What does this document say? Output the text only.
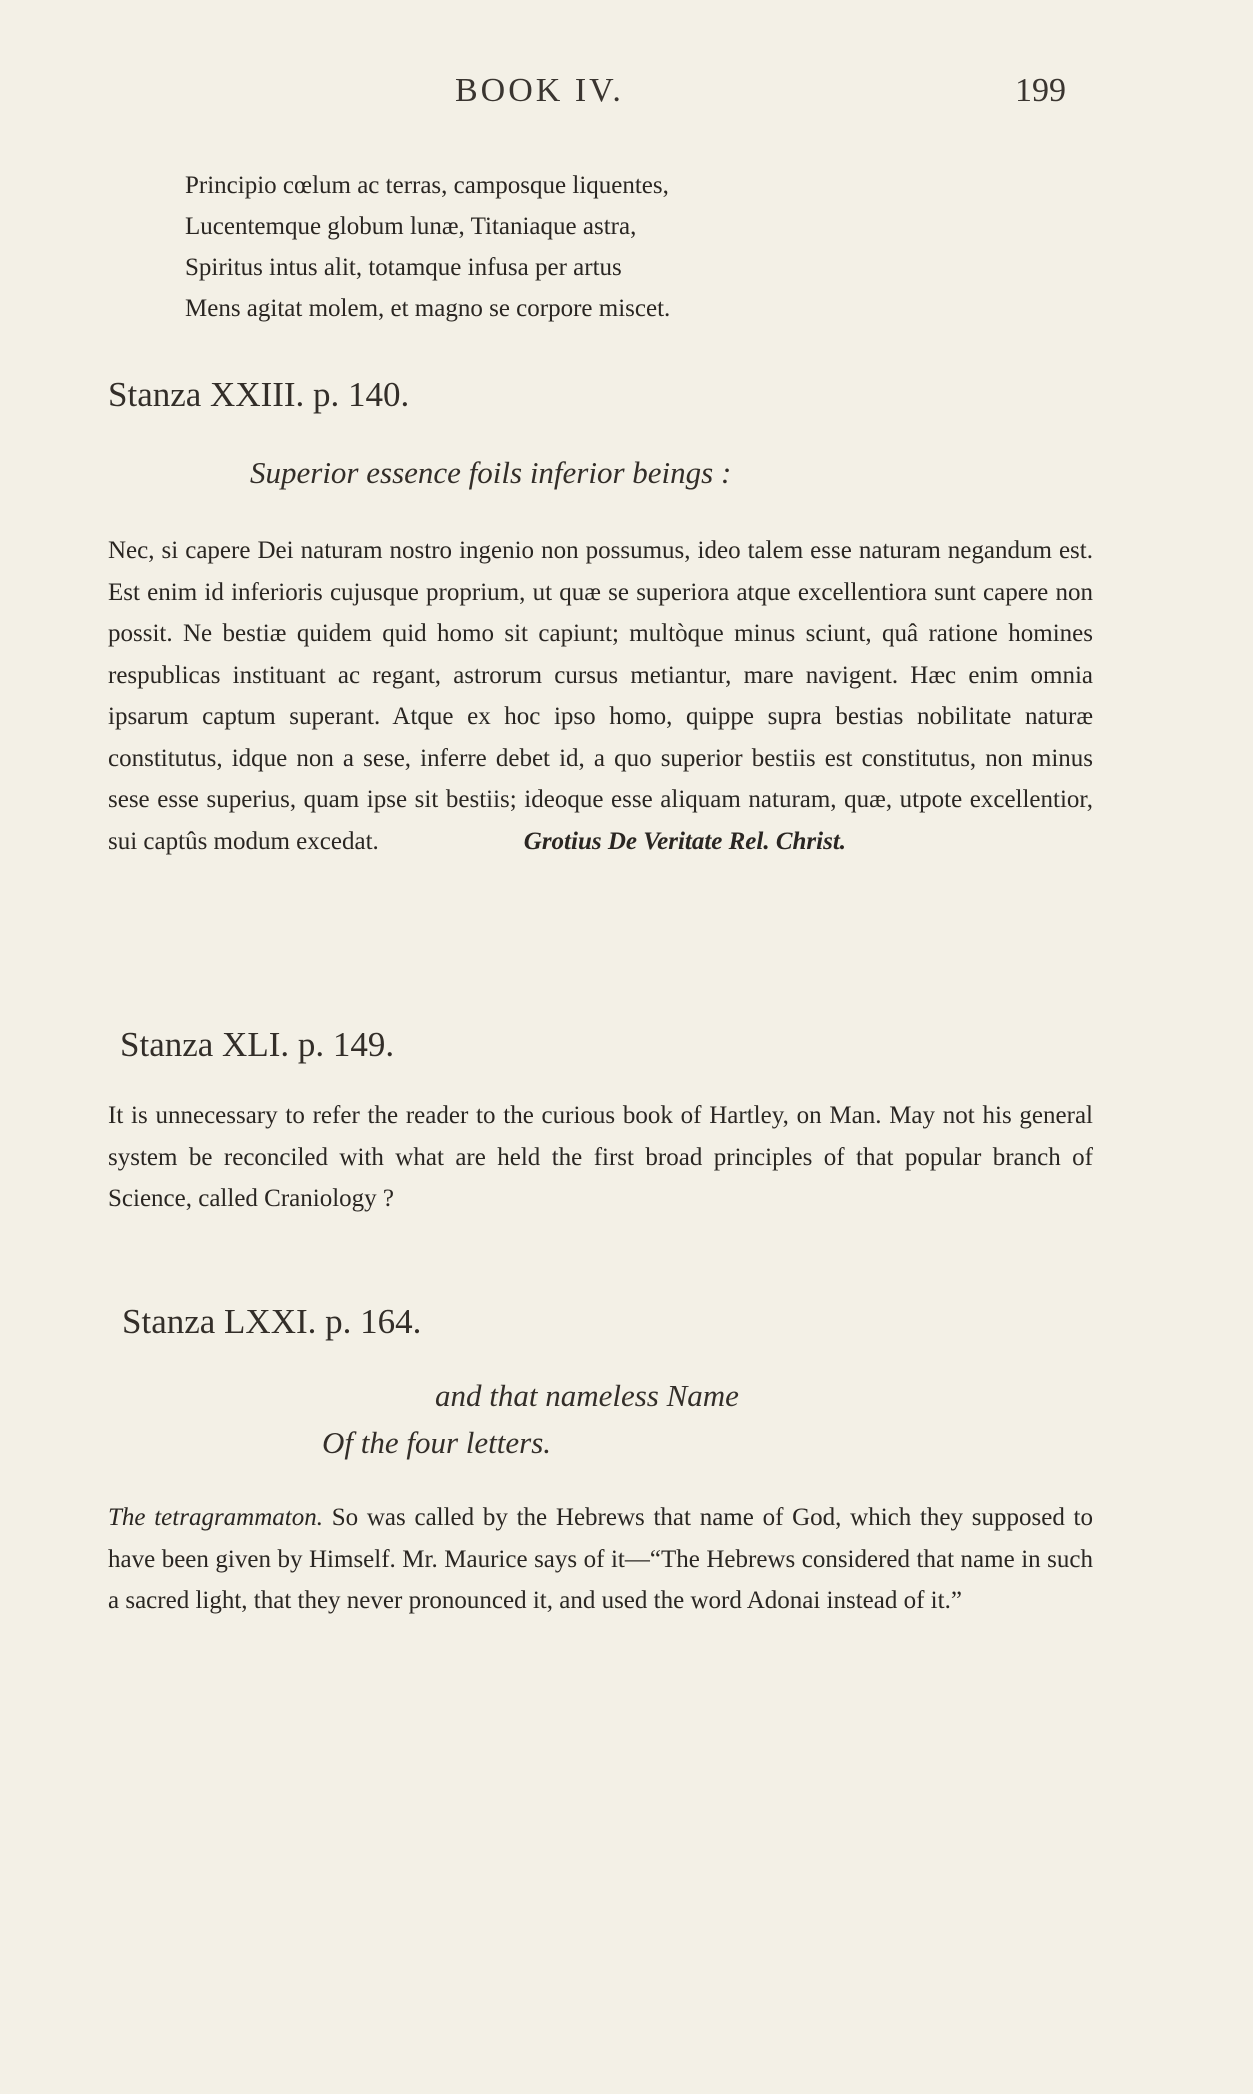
BOOK IV.	199
Principio cœlum ac terras, camposque liquentes,
Lucentemque globum lunæ, Titaniaque astra,
Spiritus intus alit, totamque infusa per artus
Mens agitat molem, et magno se corpore miscet.
Stanza XXIII. p. 140.
Superior essence foils inferior beings :
Nec, si capere Dei naturam nostro ingenio non possumus, ideo talem esse naturam negandum est. Est enim id inferioris cujusque proprium, ut quæ se superiora atque excellentiora sunt capere non possit. Ne bestiæ quidem quid homo sit capiunt; multòque minus sciunt, quâ ratione homines respublicas instituant ac regant, astrorum cursus metiantur, mare navigent. Hæc enim omnia ipsarum captum superant. Atque ex hoc ipso homo, quippe supra bestias nobilitate naturæ constitutus, idque non a sese, inferre debet id, a quo superior bestiis est constitutus, non minus sese esse superius, quam ipse sit bestiis; ideoque esse aliquam naturam, quæ, utpote excellentior, sui captûs modum excedat.	Grotius De Veritate Rel. Christ.
Stanza XLI. p. 149.
It is unnecessary to refer the reader to the curious book of Hartley, on Man. May not his general system be reconciled with what are held the first broad principles of that popular branch of Science, called Craniology ?
Stanza LXXI. p. 164.
and that nameless Name
Of the four letters.
The tetragrammaton. So was called by the Hebrews that name of God, which they supposed to have been given by Himself. Mr. Maurice says of it—“The Hebrews considered that name in such a sacred light, that they never pronounced it, and used the word Adonai instead of it.”
